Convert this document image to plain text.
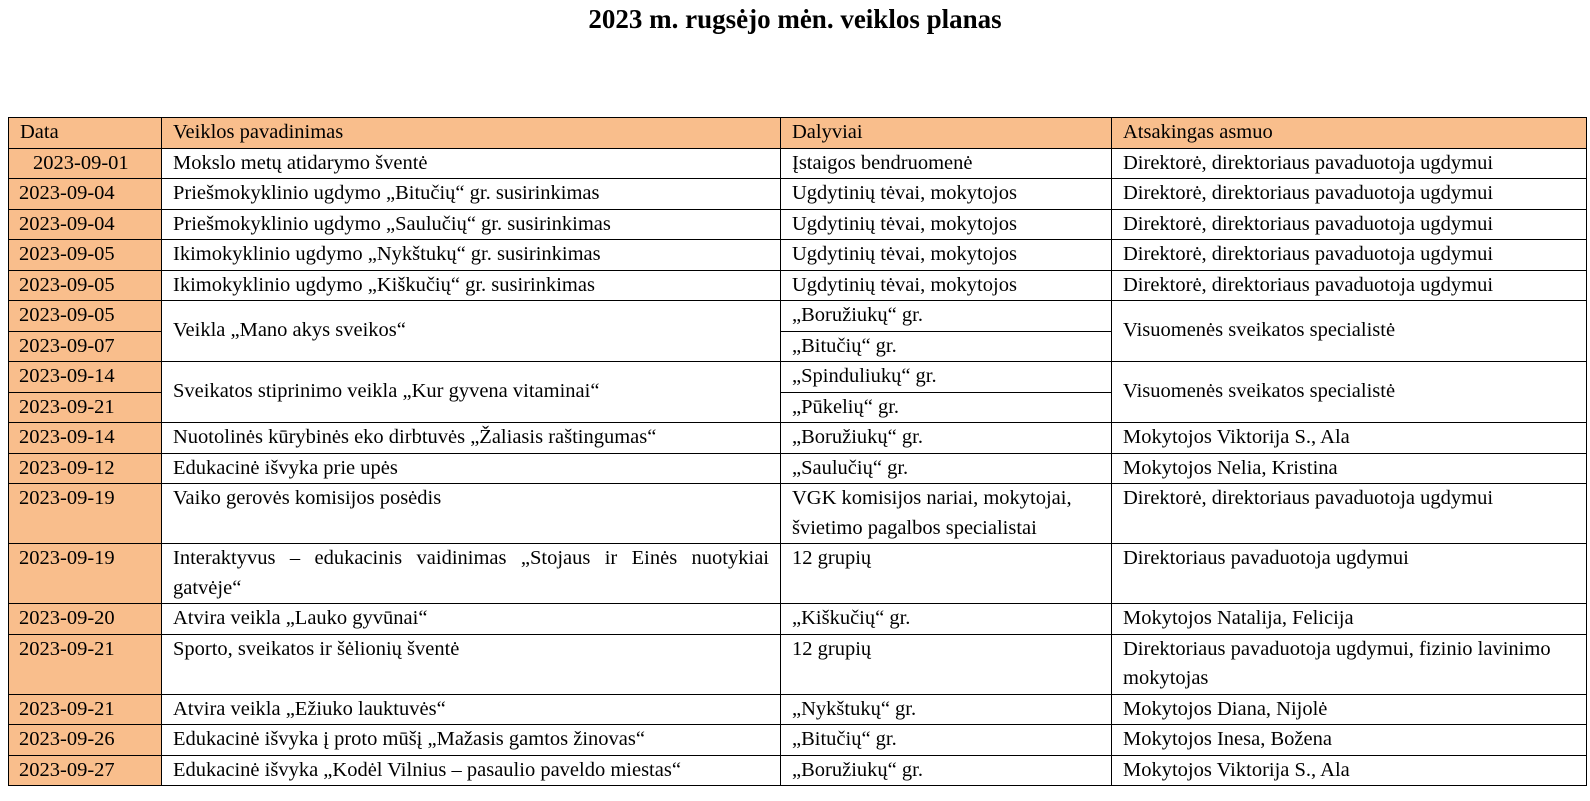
2023 m. rugsėjo mėn. veiklos planas
Data	Veiklos pavadinimas	Dalyviai	Atsakingas asmuo
2023-09-01	Mokslo metų atidarymo šventė	Įstaigos bendruomenė	Direktorė, direktoriaus pavaduotoja ugdymui
2023-09-04	Priešmokyklinio ugdymo „Bitučių“ gr. susirinkimas	Ugdytinių tėvai, mokytojos	Direktorė, direktoriaus pavaduotoja ugdymui
2023-09-04	Priešmokyklinio ugdymo „Saulučių“ gr. susirinkimas	Ugdytinių tėvai, mokytojos	Direktorė, direktoriaus pavaduotoja ugdymui
2023-09-05	Ikimokyklinio ugdymo „Nykštukų“ gr. susirinkimas	Ugdytinių tėvai, mokytojos	Direktorė, direktoriaus pavaduotoja ugdymui
2023-09-05	Ikimokyklinio ugdymo „Kiškučių“ gr. susirinkimas	Ugdytinių tėvai, mokytojos	Direktorė, direktoriaus pavaduotoja ugdymui
2023-09-05	Veikla „Mano akys sveikos“	„Boružiukų“ gr.	Visuomenės sveikatos specialistė
2023-09-07		„Bitučių“ gr.	
2023-09-14	Sveikatos stiprinimo veikla „Kur gyvena vitaminai“	„Spinduliukų“ gr.	Visuomenės sveikatos specialistė
2023-09-21		„Pūkelių“ gr.	
2023-09-14	Nuotolinės kūrybinės eko dirbtuvės „Žaliasis raštingumas“	„Boružiukų“ gr.	Mokytojos Viktorija S., Ala
2023-09-12	Edukacinė išvyka prie upės	„Saulučių“ gr.	Mokytojos Nelia, Kristina
2023-09-19	Vaiko gerovės komisijos posėdis	VGK komisijos nariai, mokytojai, švietimo pagalbos specialistai	Direktorė, direktoriaus pavaduotoja ugdymui
2023-09-19	Interaktyvus – edukacinis vaidinimas „Stojaus ir Einės nuotykiai gatvėje“	12 grupių	Direktoriaus pavaduotoja ugdymui
2023-09-20	Atvira veikla „Lauko gyvūnai“	„Kiškučių“ gr.	Mokytojos Natalija, Felicija
2023-09-21	Sporto, sveikatos ir šėlionių šventė	12 grupių	Direktoriaus pavaduotoja ugdymui, fizinio lavinimo mokytojas
2023-09-21	Atvira veikla „Ežiuko lauktuvės“	„Nykštukų“ gr.	Mokytojos Diana, Nijolė
2023-09-26	Edukacinė išvyka į proto mūšį „Mažasis gamtos žinovas“	„Bitučių“ gr.	Mokytojos Inesa, Božena
2023-09-27	Edukacinė išvyka „Kodėl Vilnius – pasaulio paveldo miestas“	„Boružiukų“ gr.	Mokytojos Viktorija S., Ala
